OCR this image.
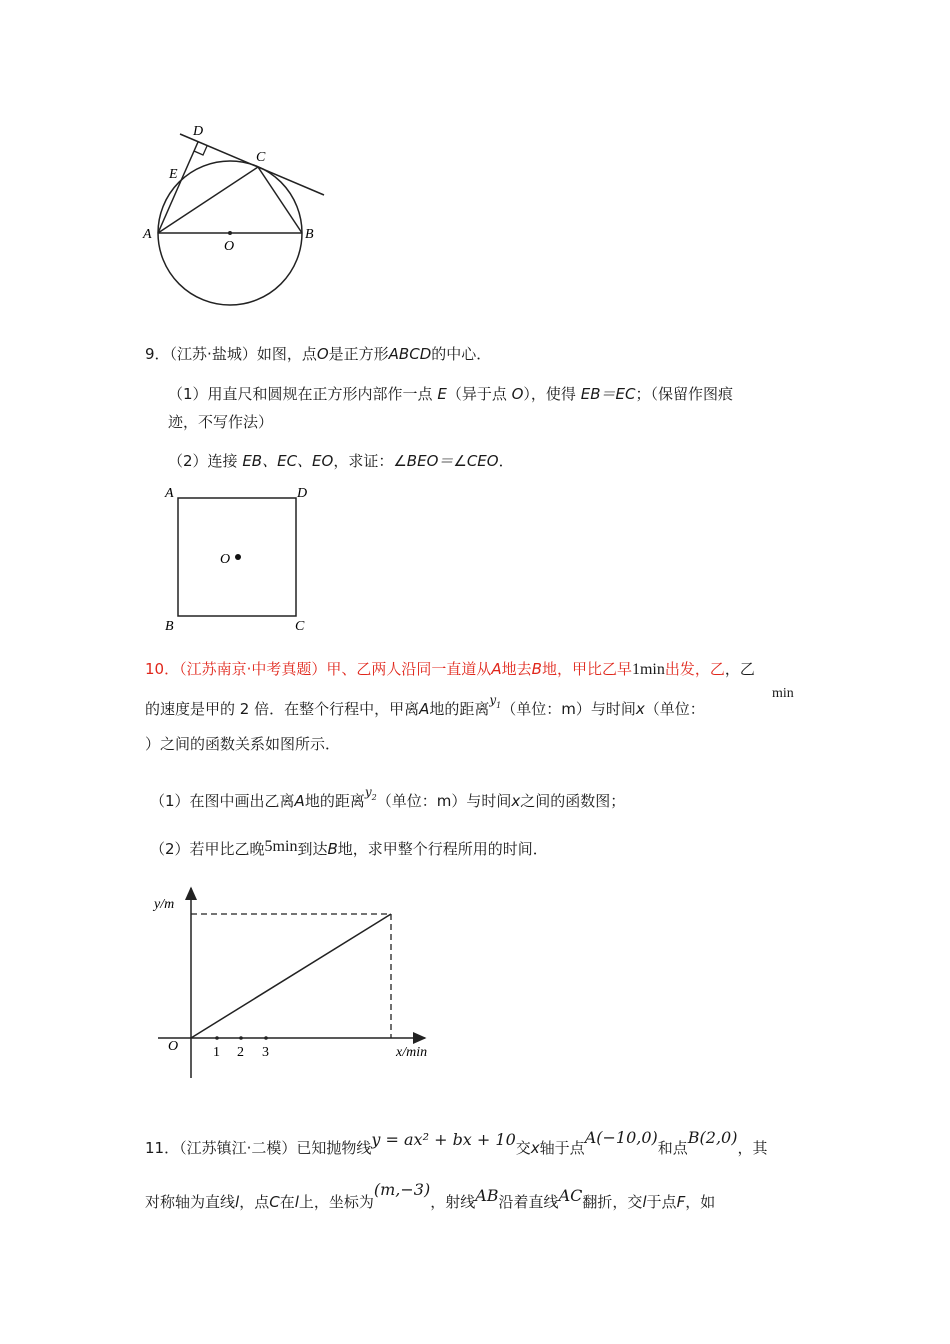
D
E
C
A	B
O
9．（江苏·盐城）如图，点O是正方形ABCD的中心．
（1）用直尺和圆规在正方形内部作一点 E（异于点 O），使得 EB＝EC；（保留作图痕
迹，不写作法）
（2）连接 EB、EC、EO，求证：∠BEO＝∠CEO．
A	D
B	C
O
10．（江苏南京·中考真题）甲、乙两人沿同一直道从A地去B地，甲比乙早1min出发，乙，乙
的速度是甲的 2 倍．在整个行程中，甲离A地的距离$^{y1}$（单位：m）与时间x（单位：
min
）之间的函数关系如图所示．
（1）在图中画出乙离A地的距离$^{y2}$（单位：m）与时间x之间的函数图；
（2）若甲比乙晚5min到达B地，求甲整个行程所用的时间．
y/m
x/min
O 1 2 3
11．（江苏镇江·二模）已知抛物线y = ax² + bx + 10交x轴于点A(−10,0)和点B(2,0)，其
对称轴为直线l，点C在l上，坐标为(m,−3)，射线AB沿着直线AC翻折，交l于点F，如
